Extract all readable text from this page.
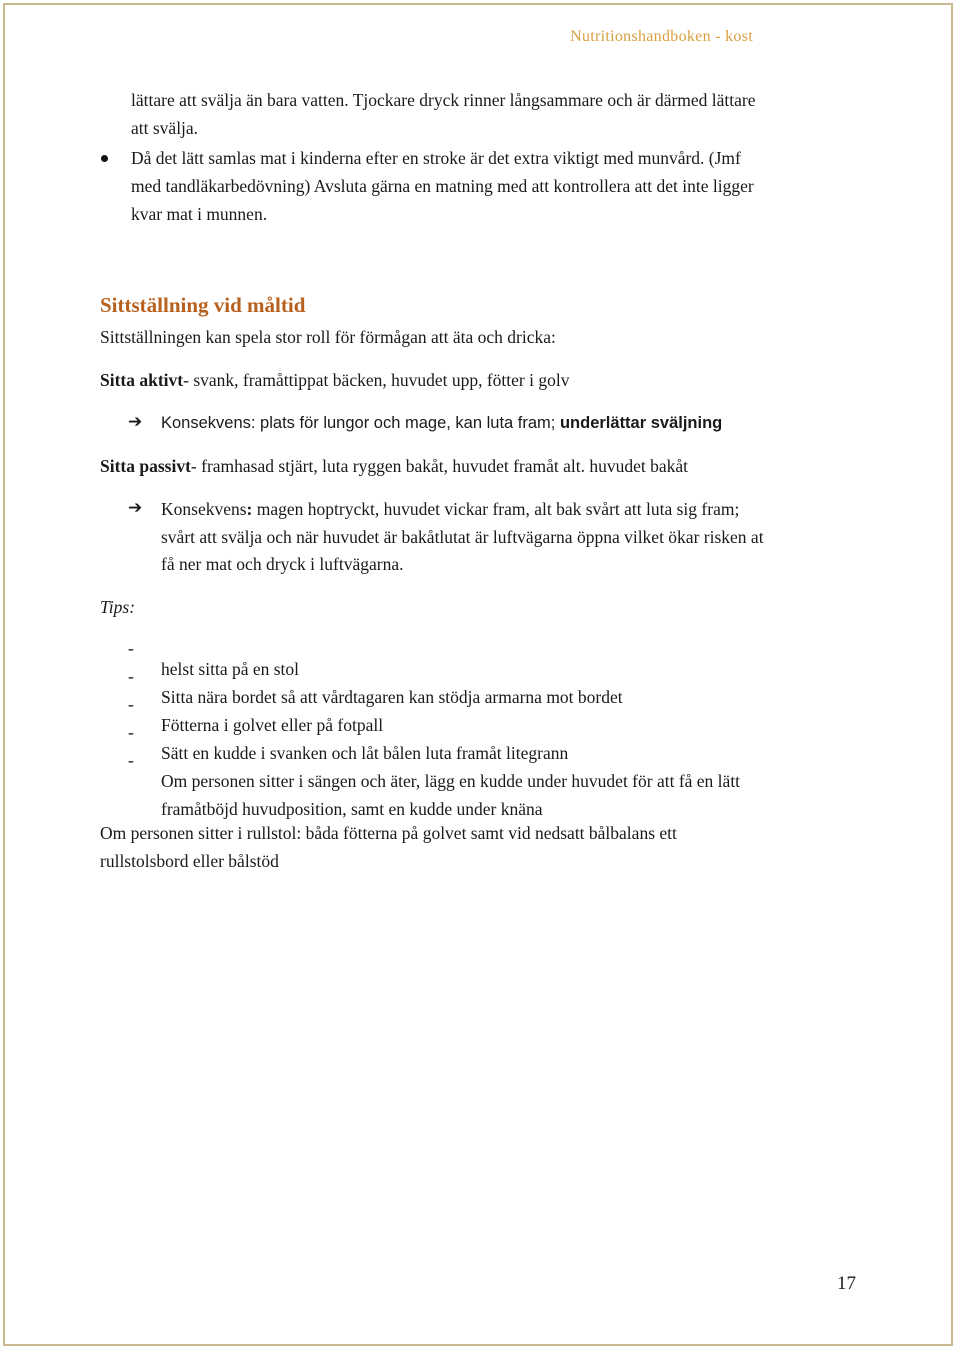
Nutritionshandboken - kost

lättare att svälja än bara vatten. Tjockare dryck rinner långsammare och är därmed lättare

att svälja.

Då det lätt samlas mat i kinderna efter en stroke är det extra viktigt med munvård. (Jmf

med tandläkarbedövning) Avsluta gärna en matning med att kontrollera att det inte ligger

kvar mat i munnen.

Sittställning vid måltid

Sittställningen kan spela stor roll för förmågan att äta och dricka:

Sitta aktivt- svank, framåttippat bäcken, huvudet upp, fötter i golv

➔ Konsekvens: plats för lungor och mage, kan luta fram; underlättar sväljning

Sitta passivt- framhasad stjärt, luta ryggen bakåt, huvudet framåt alt. huvudet bakåt

➔ Konsekvens: magen hoptryckt, huvudet vickar fram, alt bak svårt att luta sig fram;

svårt att svälja och när huvudet är bakåtlutat är luftvägarna öppna vilket ökar risken at

få ner mat och dryck i luftvägarna.

Tips:

-

helst sitta på en stol

-

Sitta nära bordet så att vårdtagaren kan stödja armarna mot bordet

-

Fötterna i golvet eller på fotpall

-

Sätt en kudde i svanken och låt bålen luta framåt litegrann

-

Om personen sitter i sängen och äter, lägg en kudde under huvudet för att få en lätt

framåtböjd huvudposition, samt en kudde under knäna

Om personen sitter i rullstol: båda fötterna på golvet samt vid nedsatt bålbalans ett

rullstolsbord eller bålstöd

17
